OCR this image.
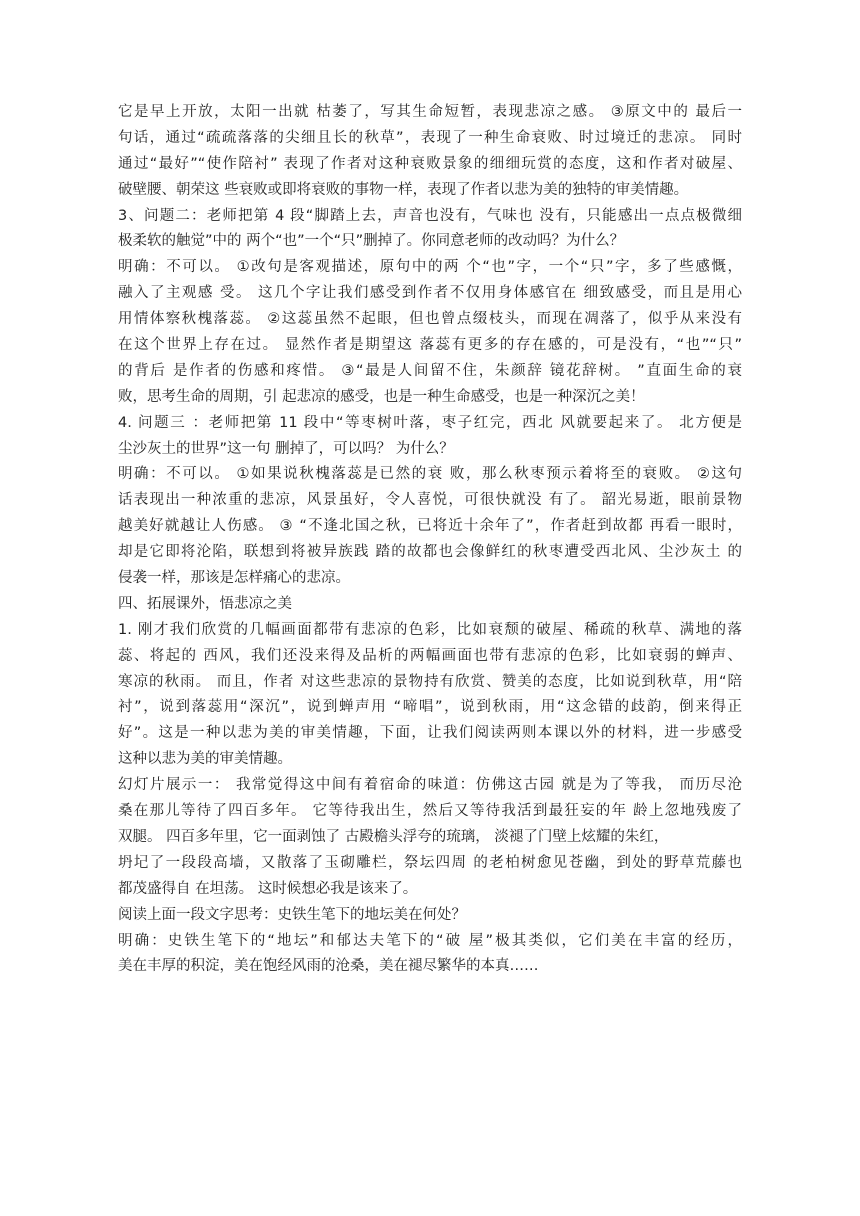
它是早上开放，太阳一出就 枯萎了，写其生命短暂，表现悲凉之感。 ③原文中的 最后一
句话，通过“疏疏落落的尖细且长的秋草”，表现了一种生命衰败、时过境迁的悲凉。 同时
通过“最好”“使作陪衬” 表现了作者对这种衰败景象的细细玩赏的态度，这和作者对破屋、
破壁腰、朝荣这 些衰败或即将衰败的事物一样，表现了作者以悲为美的独特的审美情趣。
3、问题二：老师把第 4 段“脚踏上去，声音也没有，气味也 没有，只能感出一点点极微细
极柔软的触觉”中的 两个“也”一个“只”删掉了。你同意老师的改动吗？为什么？
明确：不可以。 ①改句是客观描述，原句中的两 个“也”字，一个“只”字，多了些感慨，
融入了主观感 受。 这几个字让我们感受到作者不仅用身体感官在 细致感受，而且是用心
用情体察秋槐落蕊。 ②这蕊虽然不起眼，但也曾点缀枝头，而现在凋落了，似乎从来没有
在这个世界上存在过。 显然作者是期望这 落蕊有更多的存在感的，可是没有，“也”“只”
的背后 是作者的伤感和疼惜。 ③“最是人间留不住，朱颜辞 镜花辞树。 ”直面生命的衰
败，思考生命的周期，引 起悲凉的感受，也是一种生命感受，也是一种深沉之美！
4. 问题三 ：老师把第 11 段中“等枣树叶落，枣子红完，西北 风就要起来了。 北方便是
尘沙灰土的世界”这一句 删掉了，可以吗？ 为什么？
明确：不可以。 ①如果说秋槐落蕊是已然的衰 败，那么秋枣预示着将至的衰败。 ②这句
话表现出一种浓重的悲凉，风景虽好，令人喜悦，可很快就没 有了。 韶光易逝，眼前景物
越美好就越让人伤感。 ③ “不逢北国之秋，已将近十余年了”，作者赶到故都 再看一眼时，
却是它即将沦陷，联想到将被异族践 踏的故都也会像鲜红的秋枣遭受西北风、尘沙灰土 的
侵袭一样，那该是怎样痛心的悲凉。
四、拓展课外，悟悲凉之美
1. 刚才我们欣赏的几幅画面都带有悲凉的色彩，比如衰颓的破屋、稀疏的秋草、满地的落
蕊、将起的 西风，我们还没来得及品析的两幅画面也带有悲凉的色彩，比如衰弱的蝉声、
寒凉的秋雨。 而且，作者 对这些悲凉的景物持有欣赏、赞美的态度，比如说到秋草，用“陪
衬”，说到落蕊用“深沉”，说到蝉声用 “啼唱”，说到秋雨，用“这念错的歧韵，倒来得正
好”。这是一种以悲为美的审美情趣，下面，让我们阅读两则本课以外的材料，进一步感受
这种以悲为美的审美情趣。
幻灯片展示一： 我常觉得这中间有着宿命的味道：仿佛这古园 就是为了等我， 而历尽沧
桑在那儿等待了四百多年。 它等待我出生，然后又等待我活到最狂妄的年 龄上忽地残废了
双腿。 四百多年里，它一面剥蚀了 古殿檐头浮夸的琉璃， 淡褪了门壁上炫耀的朱红，
坍圮了一段段高墙，又散落了玉砌雕栏，祭坛四周 的老柏树愈见苍幽，到处的野草荒藤也
都茂盛得自 在坦荡。 这时候想必我是该来了。
阅读上面一段文字思考：史铁生笔下的地坛美在何处？
明确：史铁生笔下的“地坛”和郁达夫笔下的“破 屋”极其类似，它们美在丰富的经历，
美在丰厚的积淀，美在饱经风雨的沧桑，美在褪尽繁华的本真……
